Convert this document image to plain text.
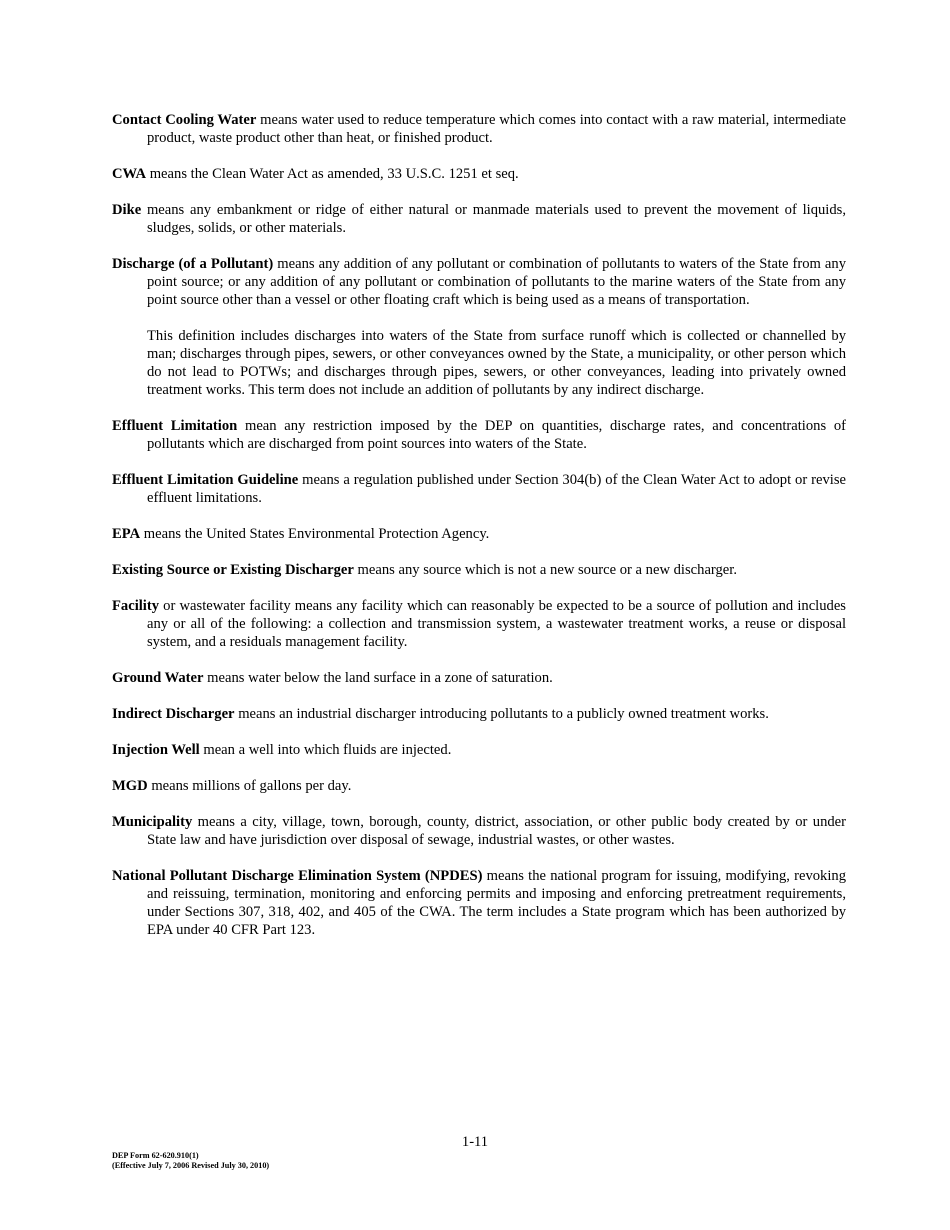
Contact Cooling Water means water used to reduce temperature which comes into contact with a raw material, intermediate product, waste product other than heat, or finished product.

CWA means the Clean Water Act as amended, 33 U.S.C. 1251 et seq.

Dike means any embankment or ridge of either natural or manmade materials used to prevent the movement of liquids, sludges, solids, or other materials.

Discharge (of a Pollutant) means any addition of any pollutant or combination of pollutants to waters of the State from any point source; or any addition of any pollutant or combination of pollutants to the marine waters of the State from any point source other than a vessel or other floating craft which is being used as a means of transportation.

This definition includes discharges into waters of the State from surface runoff which is collected or channelled by man; discharges through pipes, sewers, or other conveyances owned by the State, a municipality, or other person which do not lead to POTWs; and discharges through pipes, sewers, or other conveyances, leading into privately owned treatment works. This term does not include an addition of pollutants by any indirect discharge.

Effluent Limitation mean any restriction imposed by the DEP on quantities, discharge rates, and concentrations of pollutants which are discharged from point sources into waters of the State.

Effluent Limitation Guideline means a regulation published under Section 304(b) of the Clean Water Act to adopt or revise effluent limitations.

EPA means the United States Environmental Protection Agency.

Existing Source or Existing Discharger means any source which is not a new source or a new discharger.

Facility or wastewater facility means any facility which can reasonably be expected to be a source of pollution and includes any or all of the following: a collection and transmission system, a wastewater treatment works, a reuse or disposal system, and a residuals management facility.

Ground Water means water below the land surface in a zone of saturation.

Indirect Discharger means an industrial discharger introducing pollutants to a publicly owned treatment works.

Injection Well mean a well into which fluids are injected.

MGD means millions of gallons per day.

Municipality means a city, village, town, borough, county, district, association, or other public body created by or under State law and have jurisdiction over disposal of sewage, industrial wastes, or other wastes.

National Pollutant Discharge Elimination System (NPDES) means the national program for issuing, modifying, revoking and reissuing, termination, monitoring and enforcing permits and imposing and enforcing pretreatment requirements, under Sections 307, 318, 402, and 405 of the CWA. The term includes a State program which has been authorized by EPA under 40 CFR Part 123.

1-11
DEP Form 62-620.910(1)
(Effective July 7, 2006 Revised July 30, 2010)
